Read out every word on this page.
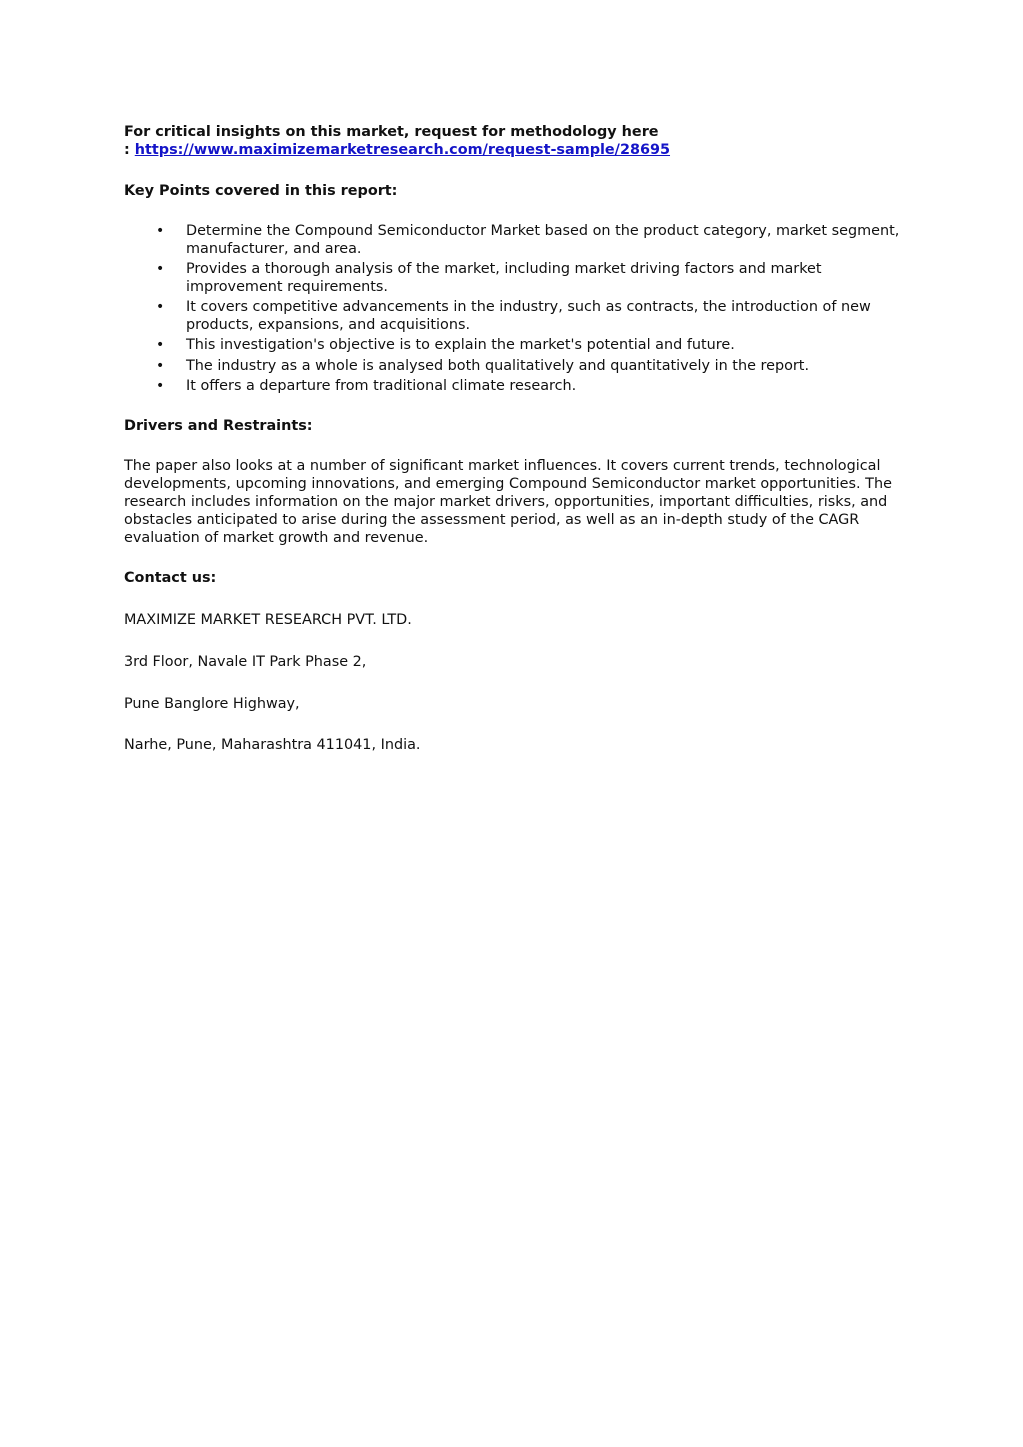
For critical insights on this market, request for methodology here
: https://www.maximizemarketresearch.com/request-sample/28695

Key Points covered in this report:

• Determine the Compound Semiconductor Market based on the product category, market segment, manufacturer, and area.
• Provides a thorough analysis of the market, including market driving factors and market improvement requirements.
• It covers competitive advancements in the industry, such as contracts, the introduction of new products, expansions, and acquisitions.
• This investigation's objective is to explain the market's potential and future.
• The industry as a whole is analysed both qualitatively and quantitatively in the report.
• It offers a departure from traditional climate research.

Drivers and Restraints:

The paper also looks at a number of significant market influences. It covers current trends, technological developments, upcoming innovations, and emerging Compound Semiconductor market opportunities. The research includes information on the major market drivers, opportunities, important difficulties, risks, and obstacles anticipated to arise during the assessment period, as well as an in-depth study of the CAGR evaluation of market growth and revenue.

Contact us:

MAXIMIZE MARKET RESEARCH PVT. LTD.

3rd Floor, Navale IT Park Phase 2,

Pune Banglore Highway,

Narhe, Pune, Maharashtra 411041, India.
